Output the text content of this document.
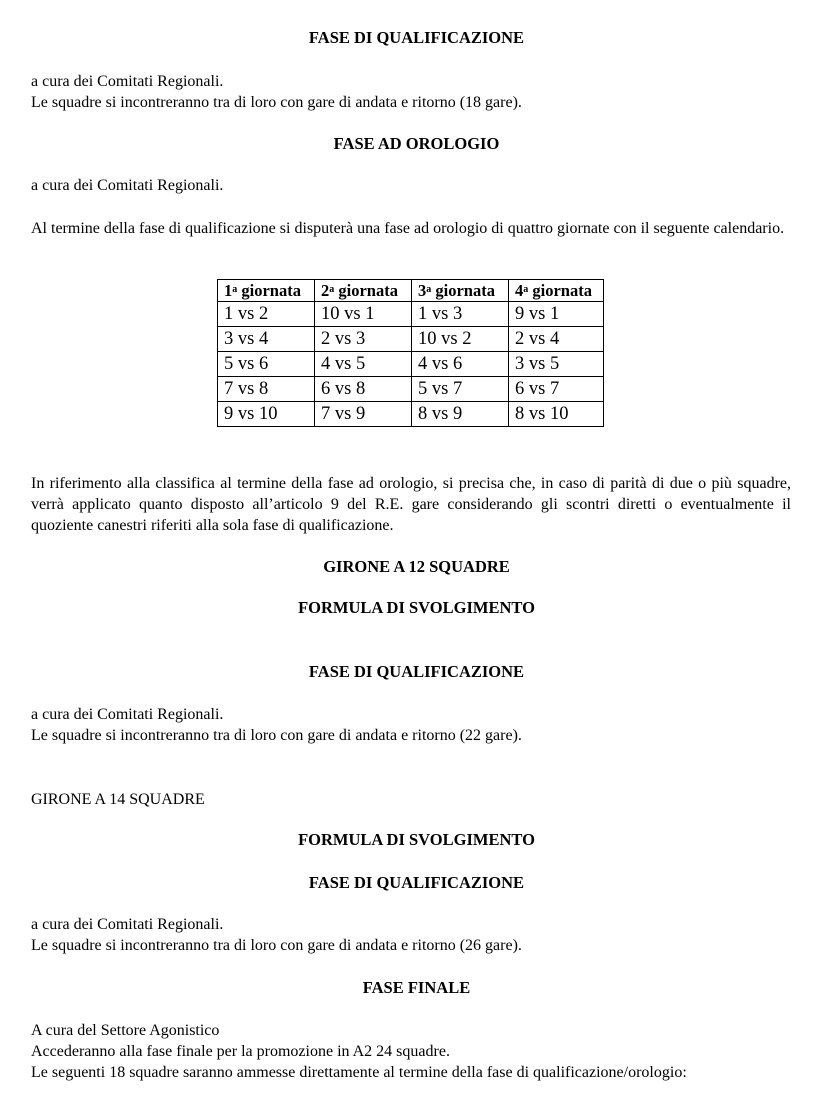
FASE DI QUALIFICAZIONE
a cura dei Comitati Regionali.
Le squadre si incontreranno tra di loro con gare di andata e ritorno (18 gare).
FASE AD OROLOGIO
a cura dei Comitati Regionali.
Al termine della fase di qualificazione si disputerà una fase ad orologio di quattro giornate con il seguente calendario.
1$^a$ giornata	2$^a$ giornata	3$^a$ giornata	4$^a$ giornata
1 vs 2	10 vs 1	1 vs 3	9 vs 1
3 vs 4	2 vs 3	10 vs 2	2 vs 4
5 vs 6	4 vs 5	4 vs 6	3 vs 5
7 vs 8	6 vs 8	5 vs 7	6 vs 7
9 vs 10	7 vs 9	8 vs 9	8 vs 10
In riferimento alla classifica al termine della fase ad orologio, si precisa che, in caso di parità di due o più squadre, verrà applicato quanto disposto all’articolo 9 del R.E. gare considerando gli scontri diretti o eventualmente il quoziente canestri riferiti alla sola fase di qualificazione.
GIRONE A 12 SQUADRE
FORMULA DI SVOLGIMENTO
FASE DI QUALIFICAZIONE
a cura dei Comitati Regionali.
Le squadre si incontreranno tra di loro con gare di andata e ritorno (22 gare).
GIRONE A 14 SQUADRE
FORMULA DI SVOLGIMENTO
FASE DI QUALIFICAZIONE
a cura dei Comitati Regionali.
Le squadre si incontreranno tra di loro con gare di andata e ritorno (26 gare).
FASE FINALE
A cura del Settore Agonistico
Accederanno alla fase finale per la promozione in A2 24 squadre.
Le seguenti 18 squadre saranno ammesse direttamente al termine della fase di qualificazione/orologio:
